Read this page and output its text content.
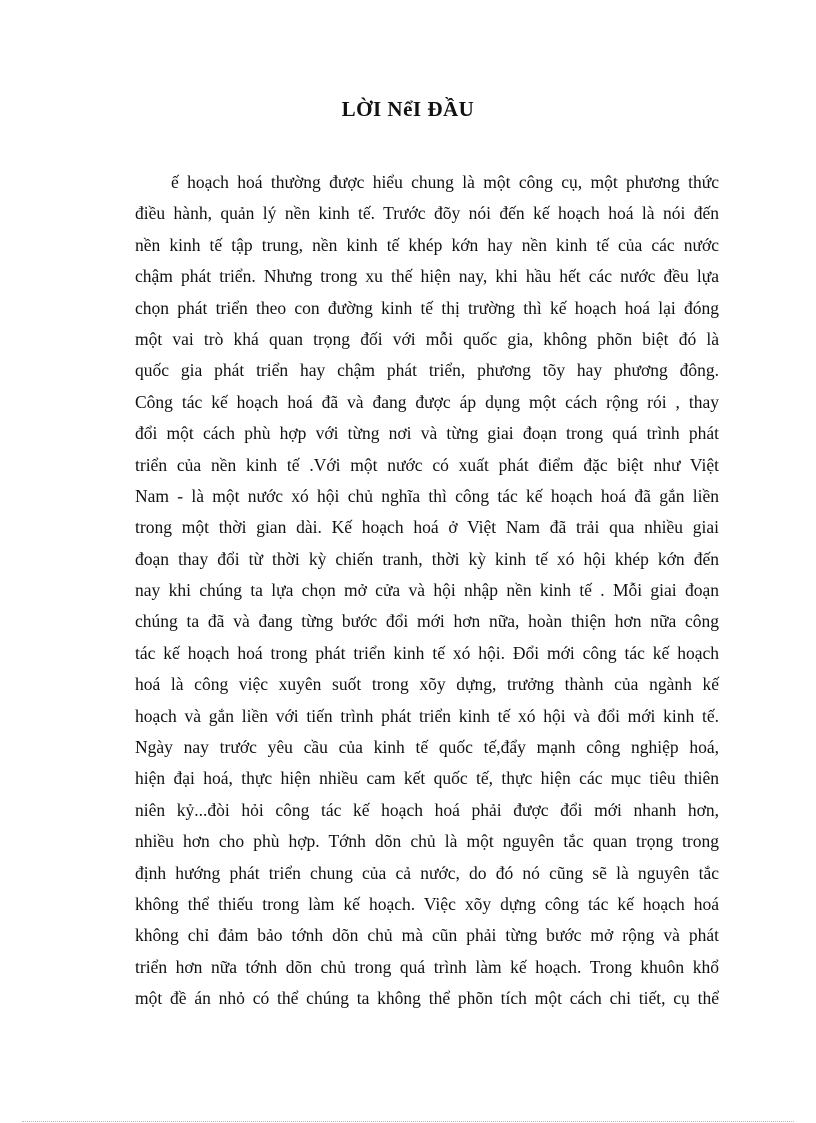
LỜI NểI ĐẦU
ế hoạch hoá thường được hiểu chung là một công cụ, một phương thức
điều hành, quản lý nền kinh tế. Trước đõy nói đến kế hoạch hoá là nói đến
nền kinh tế tập trung, nền kinh tế khép kớn hay nền kinh tế của các nước
chậm phát triển. Nhưng trong xu thế hiện nay, khi hầu hết các nước đều lựa
chọn phát triển theo con đường kinh tế thị trường thì kế hoạch hoá lại đóng
một vai trò khá quan trọng đối với mỗi quốc gia, không phõn biệt đó là
quốc gia phát triển hay chậm phát triển, phương tõy hay phương đông.
Công tác kế hoạch hoá đã và đang được áp dụng một cách rộng rói , thay
đổi một cách phù hợp với từng nơi và từng giai đoạn trong quá trình phát
triển của nền kinh tế .Với một nước có xuất phát điểm đặc biệt như Việt
Nam - là một nước xó hội chủ nghĩa thì công tác kế hoạch hoá đã gắn liền
trong một thời gian dài. Kế hoạch hoá ở Việt Nam đã trải qua nhiều giai
đoạn thay đổi từ thời kỳ chiến tranh, thời kỳ kinh tế xó hội khép kớn đến
nay khi chúng ta lựa chọn mở cửa và hội nhập nền kinh tế . Mỗi giai đoạn
chúng ta đã và đang từng bước đổi mới hơn nữa, hoàn thiện hơn nữa công
tác kế hoạch hoá trong phát triển kinh tế xó hội. Đổi mới công tác kế hoạch
hoá là công việc xuyên suốt trong xõy dựng, trưởng thành của ngành kế
hoạch và gắn liền với tiến trình phát triển kinh tế xó hội và đổi mới kinh tế.
Ngày nay trước yêu cầu của kinh tế quốc tế,đẩy mạnh công nghiệp hoá,
hiện đại hoá, thực hiện nhiều cam kết quốc tế, thực hiện các mục tiêu thiên
niên kỷ...đòi hỏi công tác kế hoạch hoá phải được đổi mới nhanh hơn,
nhiều hơn cho phù hợp. Tớnh dõn chủ là một nguyên tắc quan trọng trong
định hướng phát triển chung của cả nước, do đó nó cũng sẽ là nguyên tắc
không thể thiếu trong làm kế hoạch. Việc xõy dựng công tác kế hoạch hoá
không chỉ đảm bảo tớnh dõn chủ mà cũn phải từng bước mở rộng và phát
triển hơn nữa tớnh dõn chủ trong quá trình làm kế hoạch. Trong khuôn khổ
một đề án nhỏ có thể chúng ta không thể phõn tích một cách chi tiết, cụ thể
